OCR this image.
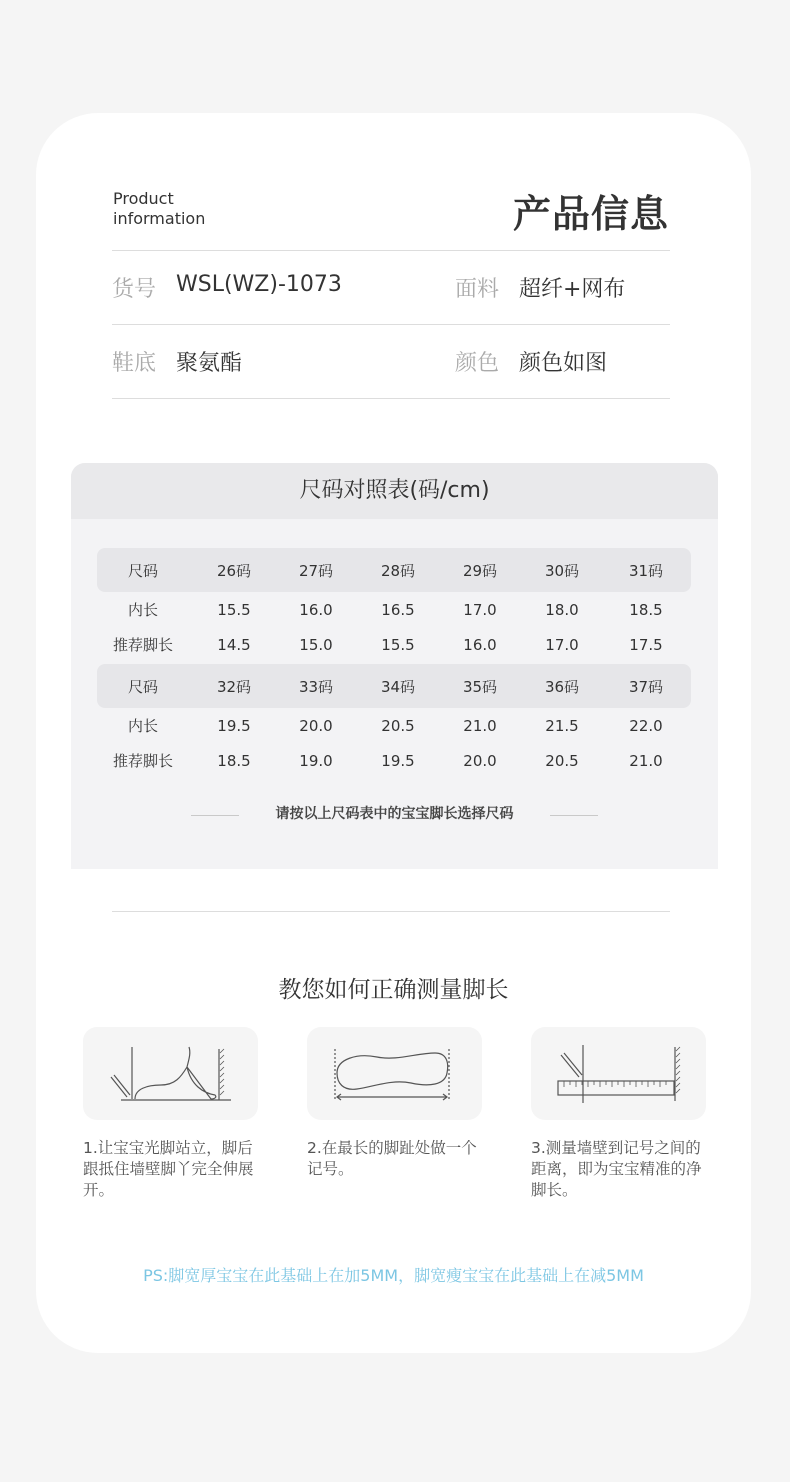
Product
information	产品信息
货号 WSL(WZ)-1073	面料 超纤+网布
鞋底 聚氨酯	颜色 颜色如图
尺码对照表(码/cm)
尺码	26码	27码	28码	29码	30码	31码
内长	15.5	16.0	16.5	17.0	18.0	18.5
推荐脚长	14.5	15.0	15.5	16.0	17.0	17.5
尺码	32码	33码	34码	35码	36码	37码
内长	19.5	20.0	20.5	21.0	21.5	22.0
推荐脚长	18.5	19.0	19.5	20.0	20.5	21.0
请按以上尺码表中的宝宝脚长选择尺码
教您如何正确测量脚长
1.让宝宝光脚站立，脚后跟抵住墙壁脚丫完全伸展开。
2.在最长的脚趾处做一个记号。
3.测量墙壁到记号之间的距离，即为宝宝精准的净脚长。
PS:脚宽厚宝宝在此基础上在加5MM，脚宽瘦宝宝在此基础上在减5MM
